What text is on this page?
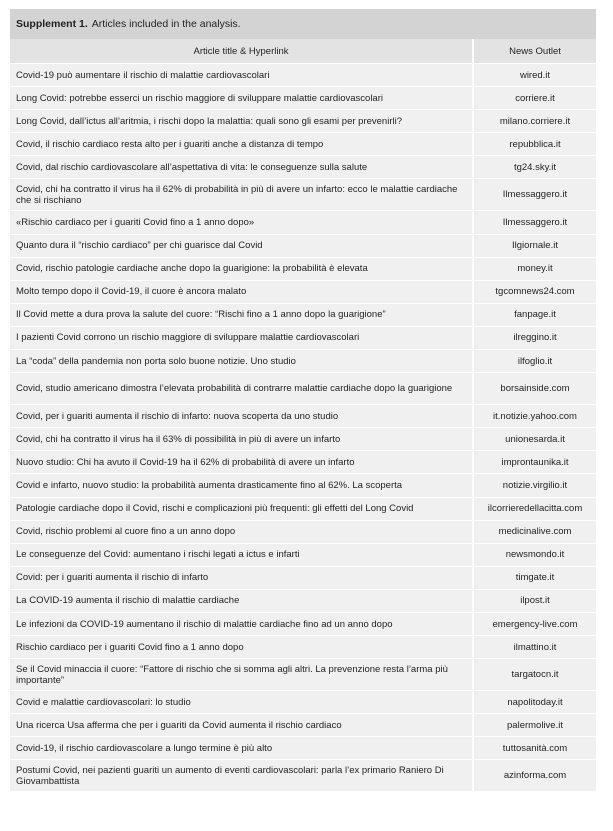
Supplement 1. Articles included in the analysis.
Article title & Hyperlink	News Outlet
Covid-19 può aumentare il rischio di malattie cardiovascolari	wired.it
Long Covid: potrebbe esserci un rischio maggiore di sviluppare malattie cardiovascolari	corriere.it
Long Covid, dall’ictus all’aritmia, i rischi dopo la malattia: quali sono gli esami per prevenirli?	milano.corriere.it
Covid, il rischio cardiaco resta alto per i guariti anche a distanza di tempo	repubblica.it
Covid, dal rischio cardiovascolare all’aspettativa di vita: le conseguenze sulla salute	tg24.sky.it
Covid, chi ha contratto il virus ha il 62% di probabilità in più di avere un infarto: ecco le malattie cardiache che si rischiano	Ilmessaggero.it
«Rischio cardiaco per i guariti Covid fino a 1 anno dopo»	Ilmessaggero.it
Quanto dura il “rischio cardiaco” per chi guarisce dal Covid	Ilgiornale.it
Covid, rischio patologie cardiache anche dopo la guarigione: la probabilità è elevata	money.it
Molto tempo dopo il Covid-19, il cuore è ancora malato	tgcomnews24.com
Il Covid mette a dura prova la salute del cuore: “Rischi fino a 1 anno dopo la guarigione”	fanpage.it
I pazienti Covid corrono un rischio maggiore di sviluppare malattie cardiovascolari	ilreggino.it
La “coda” della pandemia non porta solo buone notizie. Uno studio	ilfoglio.it
Covid, studio americano dimostra l’elevata probabilità di contrarre malattie cardiache dopo la guarigione	borsainside.com
Covid, per i guariti aumenta il rischio di infarto: nuova scoperta da uno studio	it.notizie.yahoo.com
Covid, chi ha contratto il virus ha il 63% di possibilità in più di avere un infarto	unionesarda.it
Nuovo studio: Chi ha avuto il Covid-19 ha il 62% di probabilità di avere un infarto	improntaunika.it
Covid e infarto, nuovo studio: la probabilità aumenta drasticamente fino al 62%. La scoperta	notizie.virgilio.it
Patologie cardiache dopo il Covid, rischi e complicazioni più frequenti: gli effetti del Long Covid	ilcorrieredellacitta.com
Covid, rischio problemi al cuore fino a un anno dopo	medicinalive.com
Le conseguenze del Covid: aumentano i rischi legati a ictus e infarti	newsmondo.it
Covid: per i guariti aumenta il rischio di infarto	timgate.it
La COVID-19 aumenta il rischio di malattie cardiache	ilpost.it
Le infezioni da COVID-19 aumentano il rischio di malattie cardiache fino ad un anno dopo	emergency-live.com
Rischio cardiaco per i guariti Covid fino a 1 anno dopo	ilmattino.it
Se il Covid minaccia il cuore: “Fattore di rischio che si somma agli altri. La prevenzione resta l’arma più importante”	targatocn.it
Covid e malattie cardiovascolari: lo studio	napolitoday.it
Una ricerca Usa afferma che per i guariti da Covid aumenta il rischio cardiaco	palermolive.it
Covid-19, il rischio cardiovascolare a lungo termine è più alto	tuttosanità.com
Postumi Covid, nei pazienti guariti un aumento di eventi cardiovascolari: parla l’ex primario Raniero Di Giovambattista	azinforma.com
